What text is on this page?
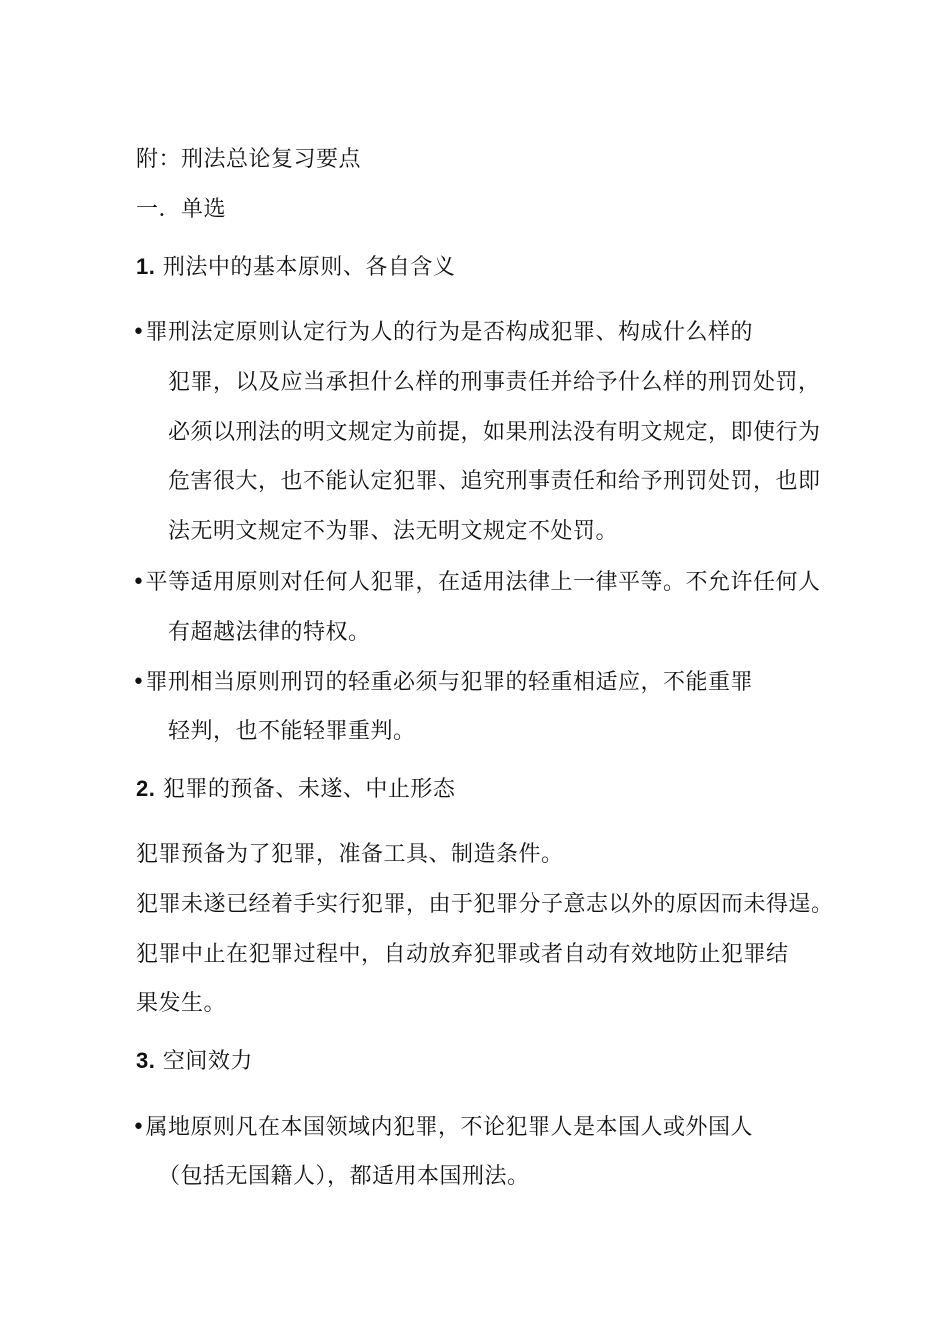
附：刑法总论复习要点
一．单选
1. 刑法中的基本原则、各自含义
•罪刑法定原则认定行为人的行为是否构成犯罪、构成什么样的
犯罪，以及应当承担什么样的刑事责任并给予什么样的刑罚处罚，
必须以刑法的明文规定为前提，如果刑法没有明文规定，即使行为
危害很大，也不能认定犯罪、追究刑事责任和给予刑罚处罚，也即
法无明文规定不为罪、法无明文规定不处罚。
•平等适用原则对任何人犯罪，在适用法律上一律平等。不允许任何人
有超越法律的特权。
•罪刑相当原则刑罚的轻重必须与犯罪的轻重相适应，不能重罪
轻判，也不能轻罪重判。
2. 犯罪的预备、未遂、中止形态
犯罪预备为了犯罪，准备工具、制造条件。
犯罪未遂已经着手实行犯罪，由于犯罪分子意志以外的原因而未得逞。
犯罪中止在犯罪过程中，自动放弃犯罪或者自动有效地防止犯罪结
果发生。
3. 空间效力
•属地原则凡在本国领域内犯罪，不论犯罪人是本国人或外国人
（包括无国籍人），都适用本国刑法。
